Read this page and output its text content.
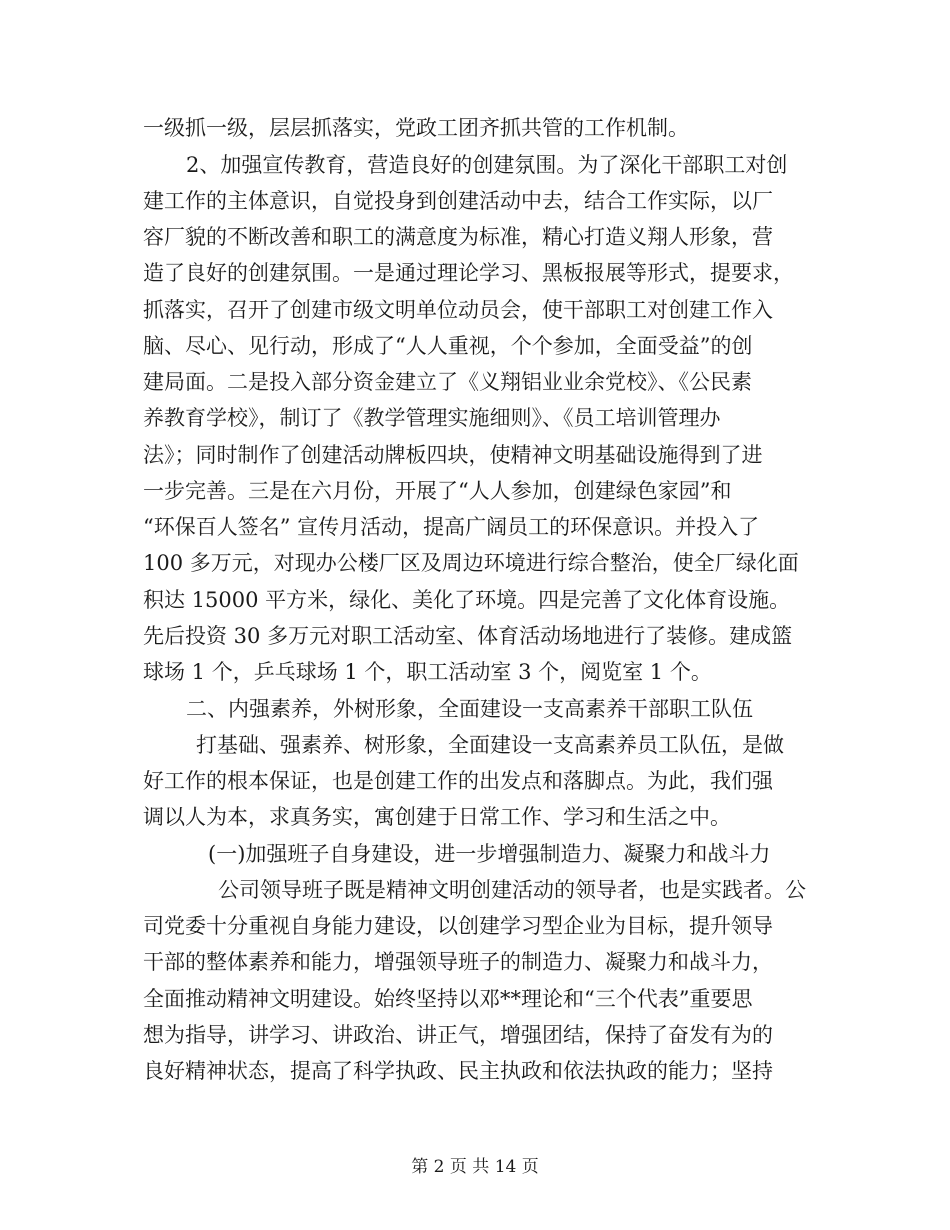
一级抓一级，层层抓落实，党政工团齐抓共管的工作机制。
2、加强宣传教育，营造良好的创建氛围。为了深化干部职工对创
建工作的主体意识，自觉投身到创建活动中去，结合工作实际，以厂
容厂貌的不断改善和职工的满意度为标准，精心打造义翔人形象，营
造了良好的创建氛围。一是通过理论学习、黑板报展等形式，提要求，
抓落实，召开了创建市级文明单位动员会，使干部职工对创建工作入
脑、尽心、见行动，形成了“人人重视，个个参加，全面受益”的创
建局面。二是投入部分资金建立了《义翔铝业业余党校》、《公民素
养教育学校》，制订了《教学管理实施细则》、《员工培训管理办
法》；同时制作了创建活动牌板四块，使精神文明基础设施得到了进
一步完善。三是在六月份，开展了“人人参加，创建绿色家园”和
“环保百人签名” 宣传月活动，提高广阔员工的环保意识。并投入了
100 多万元，对现办公楼厂区及周边环境进行综合整治，使全厂绿化面
积达 15000 平方米，绿化、美化了环境。四是完善了文化体育设施。
先后投资 30 多万元对职工活动室、体育活动场地进行了装修。建成篮
球场 1 个，乒乓球场 1 个，职工活动室 3 个，阅览室 1 个。
二、内强素养，外树形象，全面建设一支高素养干部职工队伍
打基础、强素养、树形象，全面建设一支高素养员工队伍，是做
好工作的根本保证，也是创建工作的出发点和落脚点。为此，我们强
调以人为本，求真务实，寓创建于日常工作、学习和生活之中。
(一)加强班子自身建设，进一步增强制造力、凝聚力和战斗力
公司领导班子既是精神文明创建活动的领导者，也是实践者。公
司党委十分重视自身能力建设，以创建学习型企业为目标，提升领导
干部的整体素养和能力，增强领导班子的制造力、凝聚力和战斗力，
全面推动精神文明建设。始终坚持以邓**理论和“三个代表”重要思
想为指导，讲学习、讲政治、讲正气，增强团结，保持了奋发有为的
良好精神状态，提高了科学执政、民主执政和依法执政的能力；坚持
第 2 页 共 14 页
